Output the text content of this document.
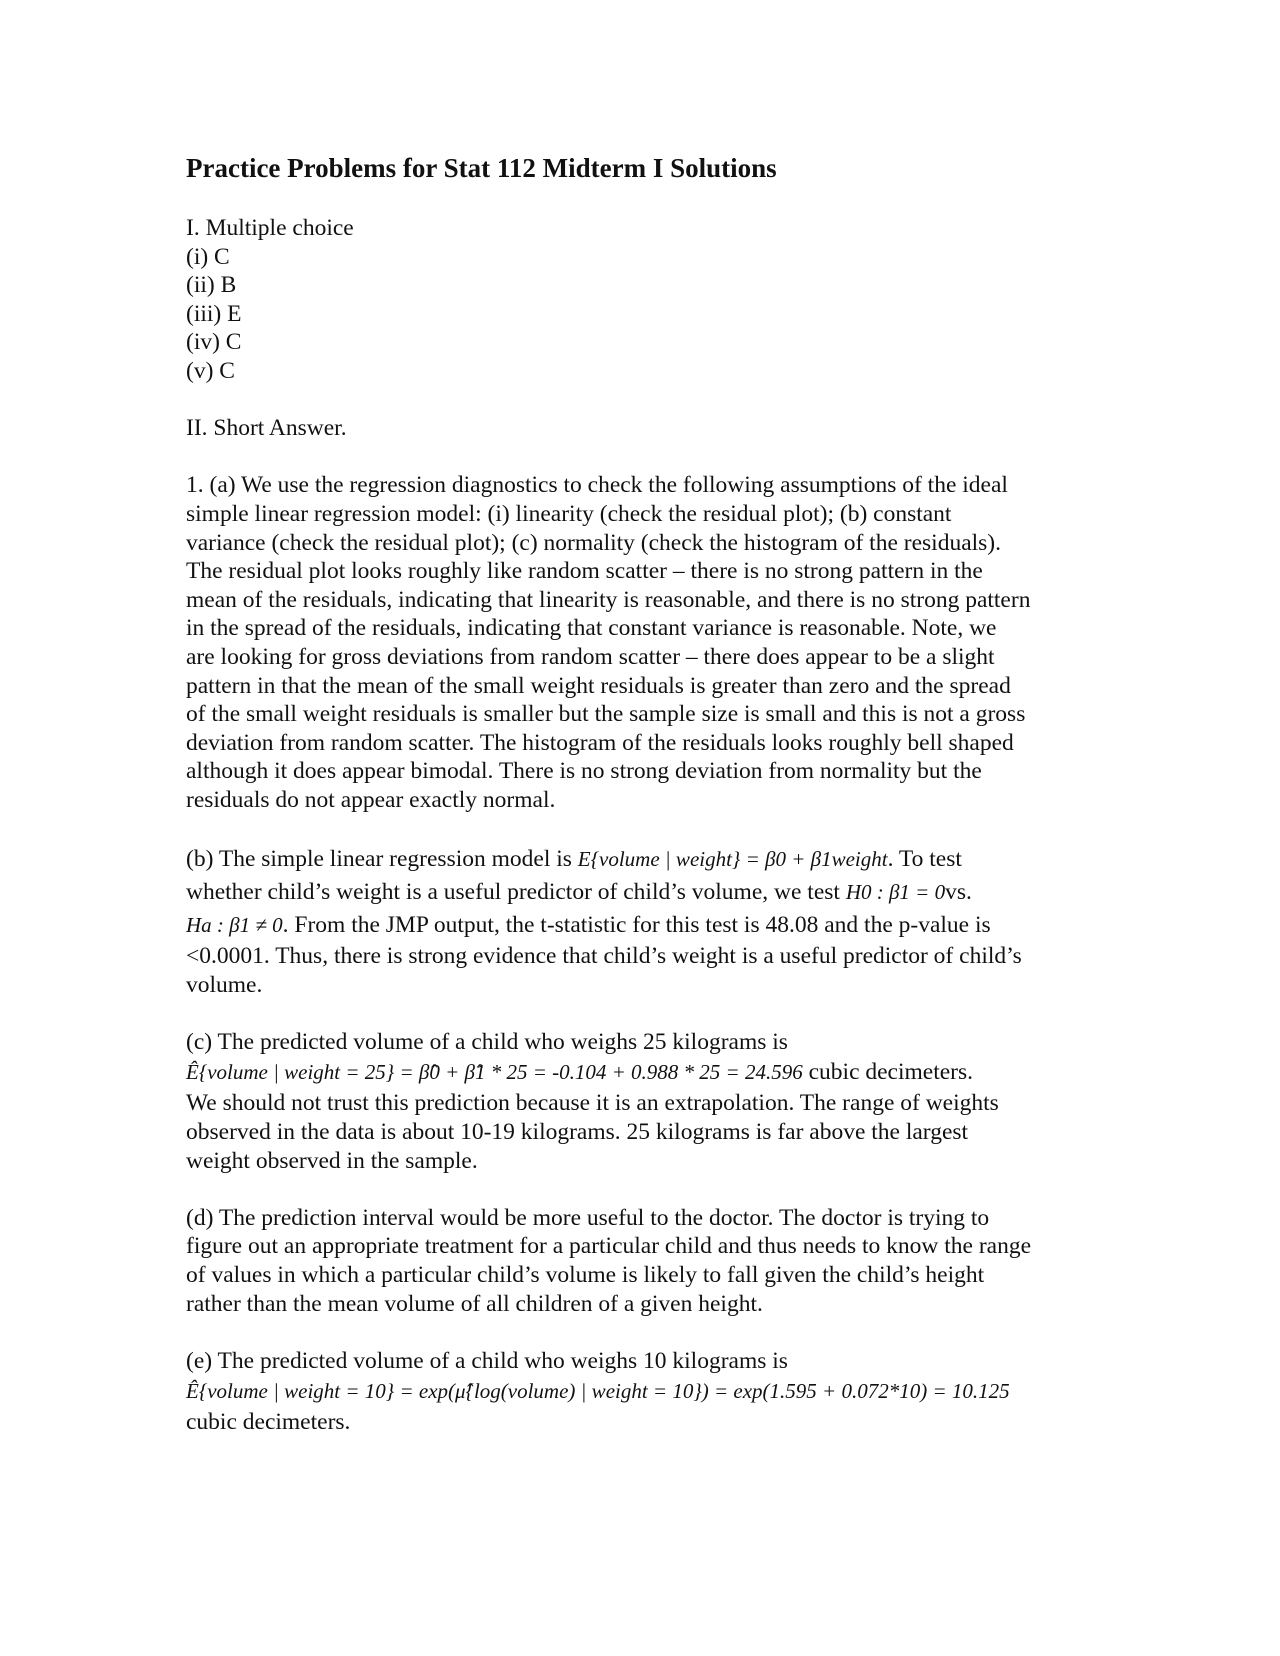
Practice Problems for Stat 112 Midterm I Solutions
I. Multiple choice
(i) C
(ii) B
(iii) E
(iv) C
(v) C
II. Short Answer.
1. (a) We use the regression diagnostics to check the following assumptions of the ideal
simple linear regression model: (i) linearity (check the residual plot); (b) constant
variance (check the residual plot); (c) normality (check the histogram of the residuals).
The residual plot looks roughly like random scatter – there is no strong pattern in the
mean of the residuals, indicating that linearity is reasonable, and there is no strong pattern
in the spread of the residuals, indicating that constant variance is reasonable. Note, we
are looking for gross deviations from random scatter – there does appear to be a slight
pattern in that the mean of the small weight residuals is greater than zero and the spread
of the small weight residuals is smaller but the sample size is small and this is not a gross
deviation from random scatter. The histogram of the residuals looks roughly bell shaped
although it does appear bimodal. There is no strong deviation from normality but the
residuals do not appear exactly normal.
(b) The simple linear regression model is E{volume | weight} = β0 + β1weight. To test
whether child’s weight is a useful predictor of child’s volume, we test H0 : β1 = 0vs.
Ha : β1 ≠ 0. From the JMP output, the t-statistic for this test is 48.08 and the p-value is
<0.0001. Thus, there is strong evidence that child’s weight is a useful predictor of child’s
volume.
(c) The predicted volume of a child who weighs 25 kilograms is
Ê{volume | weight = 25} = β̂0 + β̂1 * 25 = -0.104 + 0.988 * 25 = 24.596 cubic decimeters.
We should not trust this prediction because it is an extrapolation. The range of weights
observed in the data is about 10-19 kilograms. 25 kilograms is far above the largest
weight observed in the sample.
(d) The prediction interval would be more useful to the doctor. The doctor is trying to
figure out an appropriate treatment for a particular child and thus needs to know the range
of values in which a particular child’s volume is likely to fall given the child’s height
rather than the mean volume of all children of a given height.
(e) The predicted volume of a child who weighs 10 kilograms is
Ê{volume | weight = 10} = exp(μ̂{log(volume) | weight = 10}) = exp(1.595 + 0.072*10) = 10.125
cubic decimeters.
